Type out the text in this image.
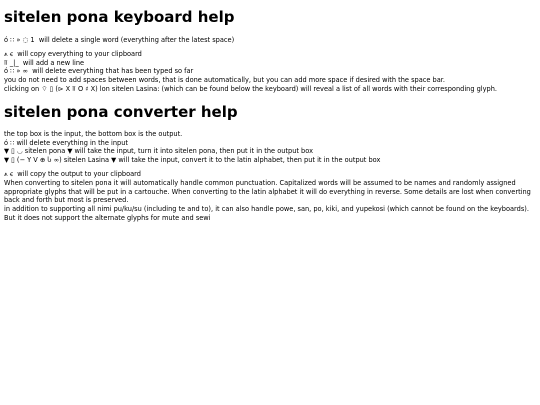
sitelen pona keyboard help
ó ∷ » ◌ 1 will delete a single word (everything after the latest space)
⩚ ꞓ will copy everything to your clipboard
⫪ _|_ will add a new line
ó ∷ » ∞ will delete everything that has been typed so far
you do not need to add spaces between words, that is done automatically, but you can add more space if desired with the space bar.
clicking on ⌔ ▯ (⊳ X ⫪ O ♯ X) lon sitelen Lasina: (which can be found below the keyboard) will reveal a list of all words with their corresponding glyph.
sitelen pona converter help
the top box is the input, the bottom box is the output.
ó ∷ will delete everything in the input
▼ ▯ ◡ sitelen pona ▼ will take the input, turn it into sitelen pona, then put it in the output box
▼ ▯ (− Y V ⊕ Ⴑ ∞) sitelen Lasina ▼ will take the input, convert it to the latin alphabet, then put it in the output box
⩚ ꞓ will copy the output to your clipboard
When converting to sitelen pona it will automatically handle common punctuation. Capitalized words will be assumed to be names and randomly assigned appropriate glyphs that will be put in a cartouche. When converting to the latin alphabet it will do everything in reverse. Some details are lost when converting back and forth but most is preserved.
in addition to supporting all nimi pu/ku/su (including te and to), it can also handle powe, san, po, kiki, and yupekosi (which cannot be found on the keyboards). But it does not support the alternate glyphs for mute and sewi
